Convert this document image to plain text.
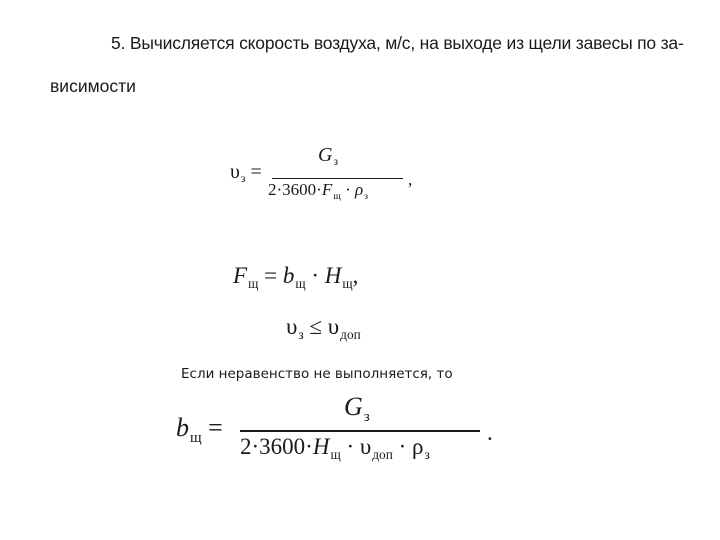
5. Вычисляется скорость воздуха, м/с, на выходе из щели завесы по за-
висимости
$\upsilon_з$ =
$G_з$
$2\cdot 3600\cdot F_щ \cdot \rho_з$
,
$F_щ = b_щ \cdot H_щ$,
$\upsilon_з \le \upsilon_{доп}$
Если неравенство не выполняется, то
$b_щ$ =
$G_з$
$2\cdot 3600\cdot H_щ \cdot \upsilon_{доп} \cdot \rho_з$
.
